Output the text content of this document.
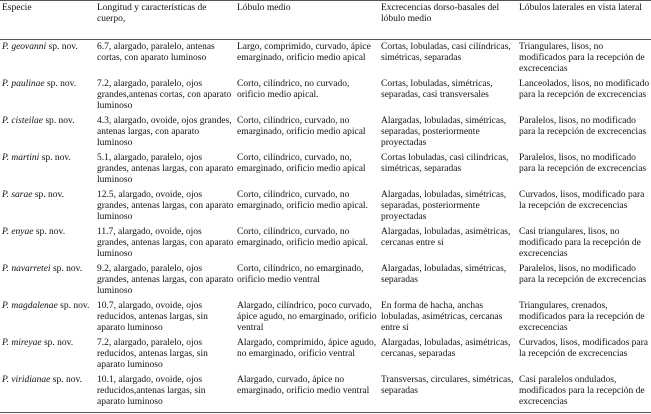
Especie	Longitud y características de cuerpo,	Lóbulo medio	Excrecencias dorso-basales del lóbulo medio	Lóbulos laterales en vista lateral
P. geovanni sp. nov.	6.7, alargado, paralelo, antenas cortas, con aparato luminoso	Largo, comprimido, curvado, ápice emarginado, orificio medio apical	Cortas, lobuladas, casi cilíndricas, simétricas, separadas	Triangulares, lisos, no modificados para la recepción de excrecencias
P. paulinae sp. nov.	7.2, alargado, paralelo, ojos grandes,antenas cortas, con aparato luminoso	Corto, cilíndrico, no curvado, orificio medio apical.	Cortas, lobuladas, simétricas, separadas, casi transversales	Lanceolados, lisos, no modificado para la recepción de excrecencias
P. cisteilae sp. nov.	4.3, alargado, ovoide, ojos grandes, antenas largas, con aparato luminoso	Corto, cilíndrico, curvado, no emarginado, orificio medio apical	Alargadas, lobuladas, simétricas, separadas, posteriormente proyectadas	Paralelos, lisos, no modificado para la recepción de excrecencias
P. martini sp. nov.	5.1, alargado, paralelo, ojos grandes, antenas largas, con aparato luminoso	Corto, cilíndrico, curvado, no, emarginado, orificio medio apical	Cortas lobuladas, casi cilíndricas, simétricas, separadas	Paralelos, lisos, no modificado para la recepción de excrecencias
P. sarae sp. nov.	12.5, alargado, ovoide, ojos grandes, antenas largas, con aparato luminoso	Corto, cilíndrico, curvado, no emarginado, orificio medio apical.	Alargadas, lobuladas, simétricas, separadas, posteriormente proyectadas	Curvados, lisos, modificado para la recepción de excrecencias
P. enyae sp. nov.	11.7, alargado, ovoide, ojos grandes, antenas largas, con aparato luminoso	Corto, cilíndrico, curvado, no emarginado, orificio medio apical.	Alargadas, lobuladas, asimétricas, cercanas entre sí	Casi triangulares, lisos, no modificado para la recepción de excrecencias
P. navarretei sp. nov.	9.2, alargado, paralelo, ojos grandes, antenas largas, con aparato luminoso	Corto, cilíndrico, no emarginado, orificio medio ventral	Alargadas, lobuladas, simétricas, separadas	Paralelos, lisos, no modificado para la recepción de excrecencias
P. magdalenae sp. nov.	10.7, alargado, ovoide, ojos reducidos, antenas largas, sin aparato luminoso	Alargado, cilíndrico, poco curvado, ápice agudo, no emarginado, orificio ventral	En forma de hacha, anchas lobuladas, asimétricas, cercanas entre sí	Triangulares, crenados, modificados para la recepción de excrecencias
P. mireyae sp. nov.	7.2, alargado, paralelo, ojos reducidos, antenas largas, sin aparato luminoso	Alargado, comprimido, ápice agudo, no emarginado, orificio ventral	Alargadas, lobuladas, asimétricas, cercanas, separadas	Curvados, lisos, modificados para la recepción de excrecencias
P. viridianae sp. nov.	10.1, alargado, ovoide, ojos reducidos,antenas largas, sin aparato luminoso	Alargado, curvado, ápice no emarginado, orificio medio ventral	Transversas, circulares, simétricas, separadas	Casi paralelos ondulados, modificados para la recepción de excrecencias
